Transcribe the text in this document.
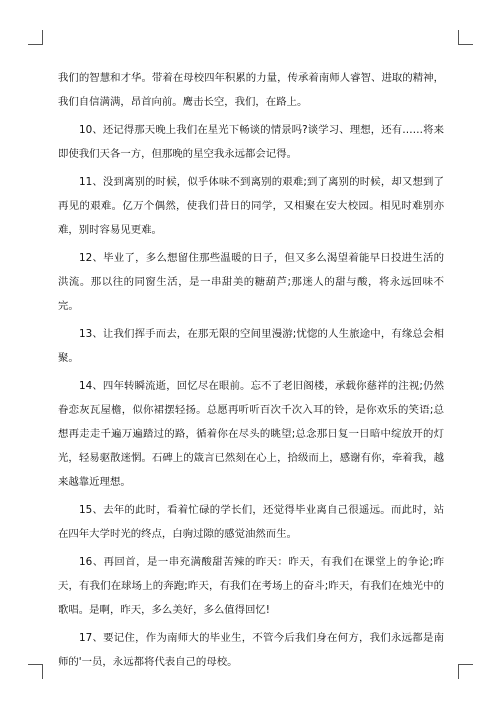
我们的智慧和才华。带着在母校四年积累的力量，传承着南师人睿智、进取的精神，我们自信满满，昂首向前。鹰击长空，我们，在路上。

10、还记得那天晚上我们在星光下畅谈的情景吗?谈学习、理想，还有……将来即使我们天各一方，但那晚的星空我永远都会记得。

11、没到离别的时候，似乎体味不到离别的艰难;到了离别的时候，却又想到了再见的艰难。亿万个偶然，使我们昔日的同学，又相聚在安大校园。相见时难别亦难，别时容易见更难。

12、毕业了，多么想留住那些温暖的日子，但又多么渴望着能早日投进生活的洪流。那以往的同窗生活，是一串甜美的糖葫芦;那迷人的甜与酸，将永远回味不完。

13、让我们挥手而去，在那无限的空间里漫游;忧惚的人生旅途中，有缘总会相聚。

14、四年转瞬流逝，回忆尽在眼前。忘不了老旧阁楼，承载你慈祥的注视;仍然眷恋灰瓦屋檐，似你裙摆轻扬。总愿再听听百次千次入耳的铃，是你欢乐的笑语;总想再走走千遍万遍踏过的路，循着你在尽头的眺望;总念那日复一日暗中绽放开的灯光，轻易驱散迷惘。石碑上的箴言已然刻在心上，拾级而上，感谢有你，牵着我，越来越靠近理想。

15、去年的此时，看着忙碌的学长们，还觉得毕业离自己很遥远。而此时，站在四年大学时光的终点，白驹过隙的感觉油然而生。

16、再回首，是一串充满酸甜苦辣的昨天：昨天，有我们在课堂上的争论;昨天，有我们在球场上的奔跑;昨天，有我们在考场上的奋斗;昨天，有我们在烛光中的歌唱。是啊，昨天，多么美好，多么值得回忆!

17、要记住，作为南师大的毕业生，不管今后我们身在何方，我们永远都是南师的'一员，永远都将代表自己的母校。
